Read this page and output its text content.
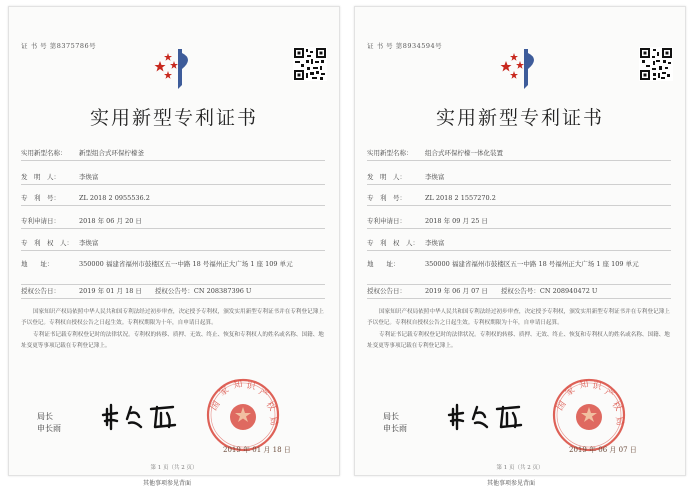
证 书 号 第8375786号
实用新型专利证书
实用新型名称： 新型组合式环保柠檬釜
发　明　人：	李焕富
专　利　号：	ZL 2018 2 0955536.2
专利申请日：	2018 年 06 月 20 日
专　利　权　人： 李焕富
地　　址：	350000 福建省福州市鼓楼区五一中路 18 号福州正大广场 1 座 109 单元
授权公告日：	2019 年 01 月 18 日　　授权公告号：CN 208387396 U

国家知识产权局依照中华人民共和国专利法经过初步审查，决定授予专利权，颁发实用新型专利证书并在专利登记簿上予以登记。专利权自授权公告之日起生效。专利权期限为十年，自申请日起算。

专利证书记载专利权登记时的法律状况。专利权的转移、质押、无效、终止、恢复和专利权人的姓名或名称、国籍、地址变更等事项记载在专利登记簿上。

局长
申长雨
国
家 知 识
产
权
局
2019 年 01 月 18 日
第 1 页（共 2 页）
其他事项参见背面
证 书 号 第8934594号
实用新型专利证书
实用新型名称： 组合式环保柠檬一体化装置
发　明　人：	李焕富
专　利　号：	ZL 2018 2 1557270.2
专利申请日：	2018 年 09 月 25 日
专　利　权　人： 李焕富
地　　址：	350000 福建省福州市鼓楼区五一中路 18 号福州正大广场 1 座 109 单元
授权公告日：	2019 年 06 月 07 日　　授权公告号：CN 208940472 U

国家知识产权局依照中华人民共和国专利法经过初步审查，决定授予专利权，颁发实用新型专利证书并在专利登记簿上予以登记。专利权自授权公告之日起生效。专利权期限为十年，自申请日起算。

专利证书记载专利权登记时的法律状况。专利权的转移、质押、无效、终止、恢复和专利权人的姓名或名称、国籍、地址变更等事项记载在专利登记簿上。

局长
申长雨
国
家 知 识
产
权
局
2019 年 06 月 07 日
第 1 页（共 2 页）
其他事项参见背面
